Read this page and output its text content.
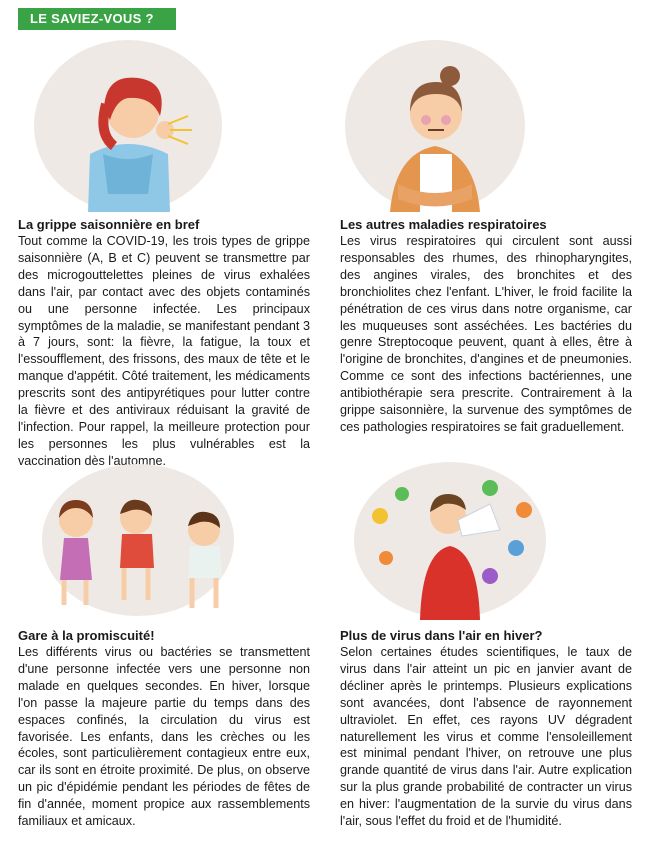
LE SAVIEZ-VOUS ?
La grippe saisonnière en bref

Tout comme la COVID-19, les trois types de grippe saisonnière (A, B et C) peuvent se transmettre par des microgouttelettes pleines de virus exhalées dans l'air, par contact avec des objets contaminés ou une personne infectée. Les principaux symptômes de la maladie, se manifestant pendant 3 à 7 jours, sont: la fièvre, la fatigue, la toux et l'essoufflement, des frissons, des maux de tête et le manque d'appétit. Côté traitement, les médicaments prescrits sont des antipyrétiques pour lutter contre la fièvre et des antiviraux réduisant la gravité de l'infection. Pour rappel, la meilleure protection pour les personnes les plus vulnérables est la vaccination dès l'automne.

Les autres maladies respiratoires

Les virus respiratoires qui circulent sont aussi responsables des rhumes, des rhinopharyngites, des angines virales, des bronchites et des bronchiolites chez l'enfant. L'hiver, le froid facilite la pénétration de ces virus dans notre organisme, car les muqueuses sont asséchées. Les bactéries du genre Streptocoque peuvent, quant à elles, être à l'origine de bronchites, d'angines et de pneumonies. Comme ce sont des infections bactériennes, une antibiothérapie sera prescrite. Contrairement à la grippe saisonnière, la survenue des symptômes de ces pathologies respiratoires se fait graduellement.

Gare à la promiscuité!

Les différents virus ou bactéries se transmettent d'une personne infectée vers une personne non malade en quelques secondes. En hiver, lorsque l'on passe la majeure partie du temps dans des espaces confinés, la circulation du virus est favorisée. Les enfants, dans les crèches ou les écoles, sont particulièrement contagieux entre eux, car ils sont en étroite proximité. De plus, on observe un pic d'épidémie pendant les périodes de fêtes de fin d'année, moment propice aux rassemblements familiaux et amicaux.

Plus de virus dans l'air en hiver?

Selon certaines études scientifiques, le taux de virus dans l'air atteint un pic en janvier avant de décliner après le printemps. Plusieurs explications sont avancées, dont l'absence de rayonnement ultraviolet. En effet, ces rayons UV dégradent naturellement les virus et comme l'ensoleillement est minimal pendant l'hiver, on retrouve une plus grande quantité de virus dans l'air. Autre explication sur la plus grande probabilité de contracter un virus en hiver: l'augmentation de la survie du virus dans l'air, sous l'effet du froid et de l'humidité.
